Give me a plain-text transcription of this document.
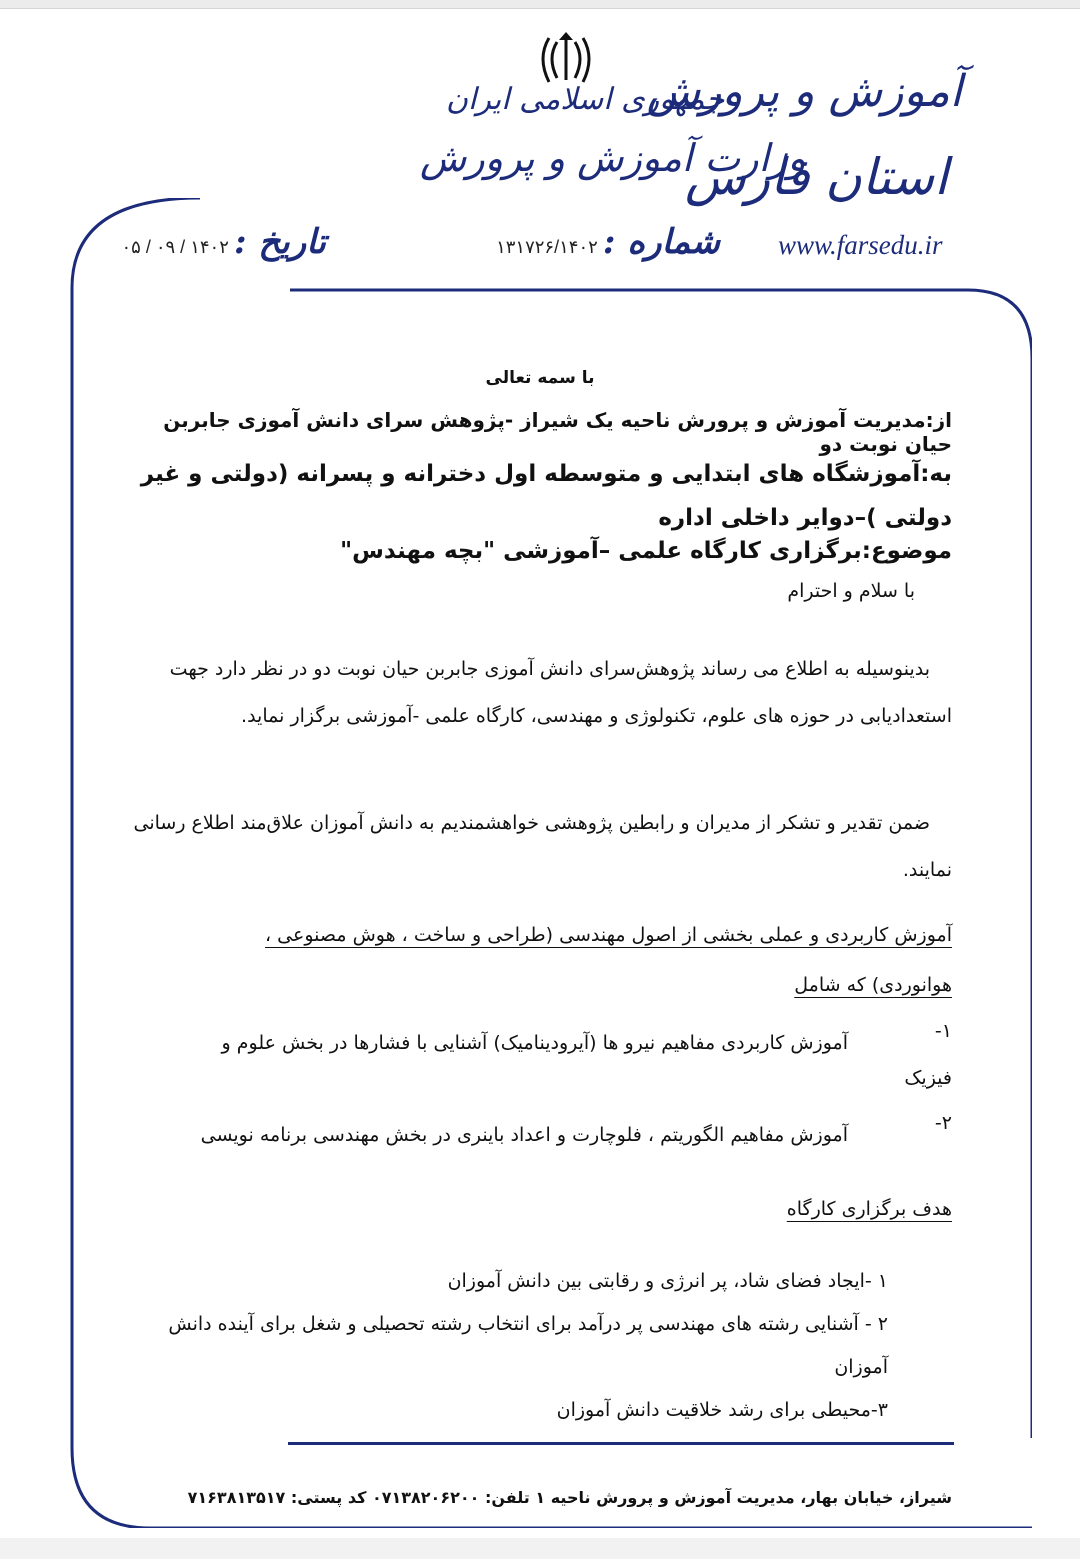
آموزش و پرورش
استان فارس
جمهوری اسلامی ایران
وزارت آموزش و پرورش
www.farsedu.ir
شماره : ۱۳۱۷۲۶/۱۴۰۲
تاریخ : ۱۴۰۲ / ۰۹ / ۰۵
با سمه تعالی
از:مدیریت آموزش و پرورش ناحیه یک شیراز -پژوهش سرای دانش آموزی جابربن حیان نوبت دو
به:آموزشگاه های ابتدایی و متوسطه اول دخترانه و پسرانه (دولتی و غیر دولتی )–دوایر داخلی اداره
موضوع:برگزاری کارگاه علمی –آموزشی "بچه مهندس"
با سلام و احترام
بدینوسیله به اطلاع می رساند پژوهش‌سرای دانش آموزی جابربن حیان نوبت دو در نظر دارد جهت استعدادیابی در حوزه های علوم، تکنولوژی و مهندسی، کارگاه علمی -آموزشی برگزار نماید.
ضمن تقدیر و تشکر از مدیران و رابطین پژوهشی خواهشمندیم به دانش آموزان علاق‌مند اطلاع رسانی نمایند.
آموزش کاربردی و عملی بخشی از اصول مهندسی (طراحی و ساخت ، هوش مصنوعی ،
هوانوردی) که شامل
۱-
آموزش کاربردی مفاهیم نیرو ها (آیرودینامیک) آشنایی با فشارها در بخش علوم و
فیزیک
۲-
آموزش مفاهیم الگوریتم ، فلوچارت و اعداد باینری در بخش مهندسی برنامه نویسی
هدف برگزاری کارگاه
۱ -ایجاد فضای شاد، پر انرژی و رقابتی بین دانش آموزان
۲ - آشنایی رشته های مهندسی پر درآمد برای انتخاب رشته تحصیلی و شغل برای آینده دانش آموزان
۳-محیطی برای رشد خلاقیت دانش آموزان
شیراز، خیابان بهار، مدیریت آموزش و پرورش ناحیه ۱ تلفن: ۰۷۱۳۸۲۰۶۲۰۰ کد پستی: ۷۱۶۳۸۱۳۵۱۷
